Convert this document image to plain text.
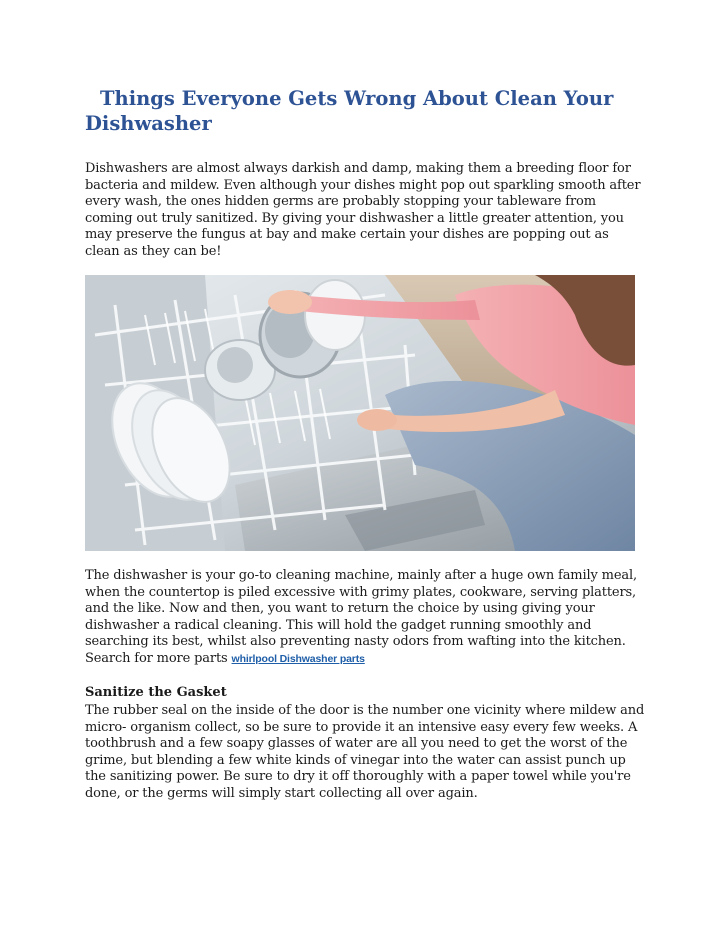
Things Everyone Gets Wrong About Clean Your Dishwasher

Dishwashers are almost always darkish and damp, making them a breeding floor for bacteria and mildew. Even although your dishes might pop out sparkling smooth after every wash, the ones hidden germs are probably stopping your tableware from coming out truly sanitized. By giving your dishwasher a little greater attention, you may preserve the fungus at bay and make certain your dishes are popping out as clean as they can be!

The dishwasher is your go-to cleaning machine, mainly after a huge own family meal, when the countertop is piled excessive with grimy plates, cookware, serving platters, and the like. Now and then, you want to return the choice by using giving your dishwasher a radical cleaning. This will hold the gadget running smoothly and searching its best, whilst also preventing nasty odors from wafting into the kitchen. Search for more parts whirlpool Dishwasher parts

Sanitize the Gasket

The rubber seal on the inside of the door is the number one vicinity where mildew and micro- organism collect, so be sure to provide it an intensive easy every few weeks. A toothbrush and a few soapy glasses of water are all you need to get the worst of the grime, but blending a few white kinds of vinegar into the water can assist punch up the sanitizing power. Be sure to dry it off thoroughly with a paper towel while you're done, or the germs will simply start collecting all over again.
